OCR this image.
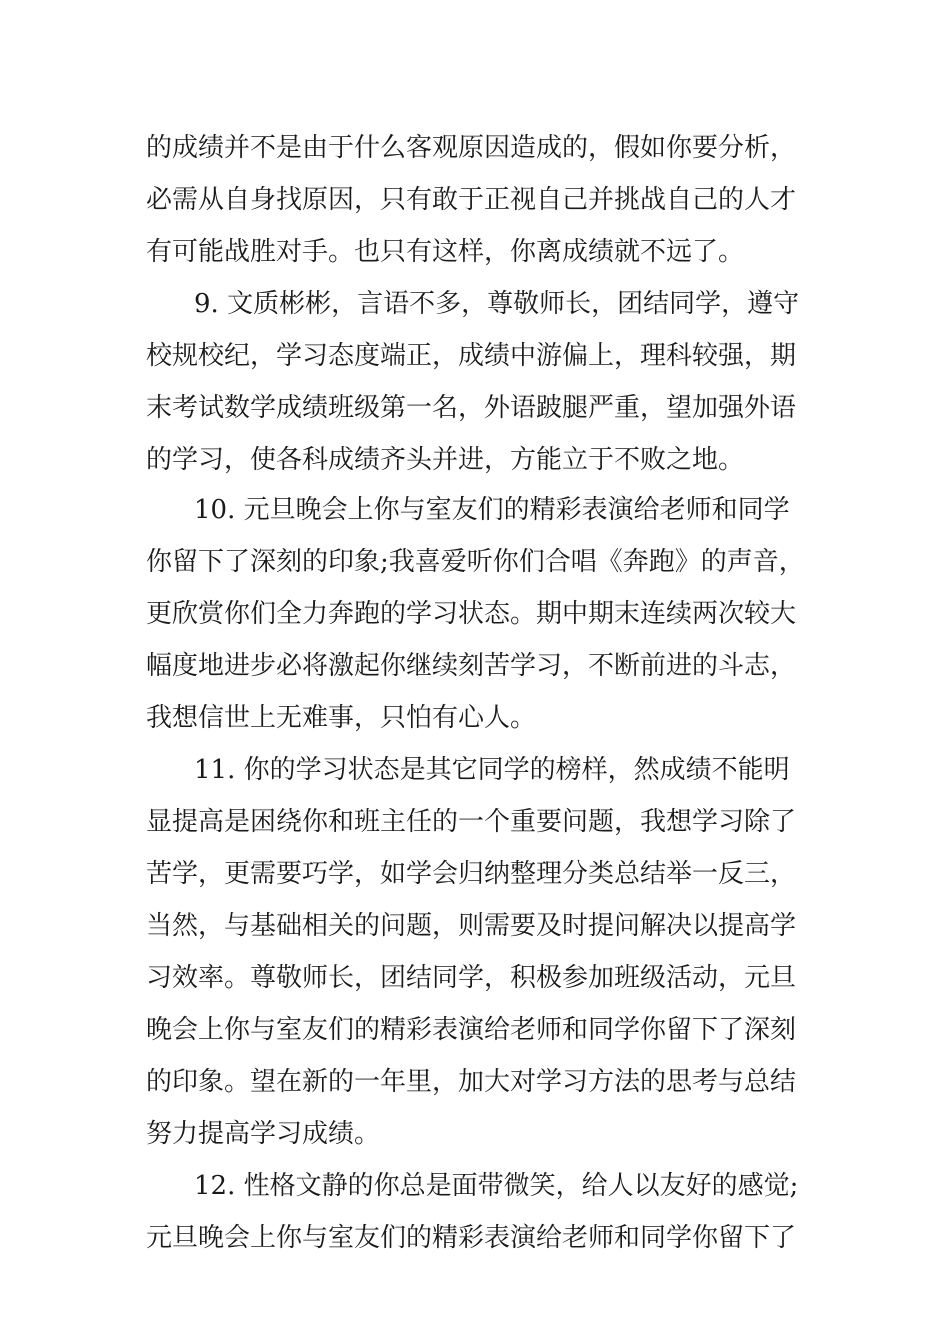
的成绩并不是由于什么客观原因造成的，假如你要分析，
必需从自身找原因，只有敢于正视自己并挑战自己的人才
有可能战胜对手。也只有这样，你离成绩就不远了。
9. 文质彬彬，言语不多，尊敬师长，团结同学，遵守
校规校纪，学习态度端正，成绩中游偏上，理科较强，期
末考试数学成绩班级第一名，外语跛腿严重，望加强外语
的学习，使各科成绩齐头并进，方能立于不败之地。
10. 元旦晚会上你与室友们的精彩表演给老师和同学
你留下了深刻的印象;我喜爱听你们合唱《奔跑》的声音，
更欣赏你们全力奔跑的学习状态。期中期末连续两次较大
幅度地进步必将激起你继续刻苦学习，不断前进的斗志，
我想信世上无难事，只怕有心人。
11. 你的学习状态是其它同学的榜样，然成绩不能明
显提高是困绕你和班主任的一个重要问题，我想学习除了
苦学，更需要巧学，如学会归纳整理分类总结举一反三，
当然，与基础相关的问题，则需要及时提问解决以提高学
习效率。尊敬师长，团结同学，积极参加班级活动，元旦
晚会上你与室友们的精彩表演给老师和同学你留下了深刻
的印象。望在新的一年里，加大对学习方法的思考与总结
努力提高学习成绩。
12. 性格文静的你总是面带微笑，给人以友好的感觉;
元旦晚会上你与室友们的精彩表演给老师和同学你留下了
